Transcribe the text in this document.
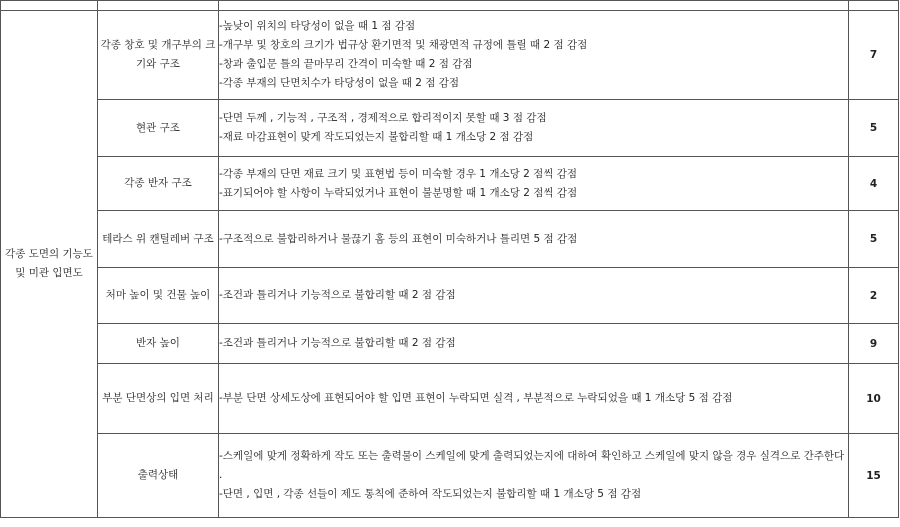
각종 도면의 기능도 및 미관 입면도	각종 창호 및 개구부의 크기와 구조	-높낮이 위치의 타당성이 없을 때 1 점 감점
-개구부 및 창호의 크기가 법규상 환기면적 및 채광면적 규정에 틀릴 때 2 점 감점
-창과 출입문 틀의 끝마무리 간격이 미숙할 때 2 점 감점
-각종 부재의 단면치수가 타당성이 없을 때 2 점 감점	7
	현관 구조	-단면 두께 , 기능적 , 구조적 , 경제적으로 합리적이지 못할 때 3 점 감점
-재료 마감표현이 맞게 작도되었는지 불합리할 때 1 개소당 2 점 감점	5
	각종 반자 구조	-각종 부재의 단면 재료 크기 및 표현법 등이 미숙할 경우 1 개소당 2 점씩 감점
-표기되어야 할 사항이 누락되었거나 표현이 불분명할 때 1 개소당 2 점씩 감점	4
	테라스 위 캔틸레버 구조	-구조적으로 불합리하거나 물끊기 홈 등의 표현이 미숙하거나 틀리면 5 점 감점	5
	처마 높이 및 건물 높이	-조건과 틀리거나 기능적으로 불합리할 때 2 점 감점	2
	반자 높이	-조건과 틀리거나 기능적으로 불합리할 때 2 점 감점	9
	부분 단면상의 입면 처리	-부분 단면 상세도상에 표현되어야 할 입면 표현이 누락되면 실격 , 부분적으로 누락되었을 때 1 개소당 5 점 감점	10
	출력상태	-스케일에 맞게 정확하게 작도 또는 출력물이 스케일에 맞게 출력되었는지에 대하여 확인하고 스케일에 맞지 않을 경우 실격으로 간주한다 .
-단면 , 입면 , 각종 선들이 제도 통칙에 준하여 작도되었는지 불합리할 때 1 개소당 5 점 감점	15
